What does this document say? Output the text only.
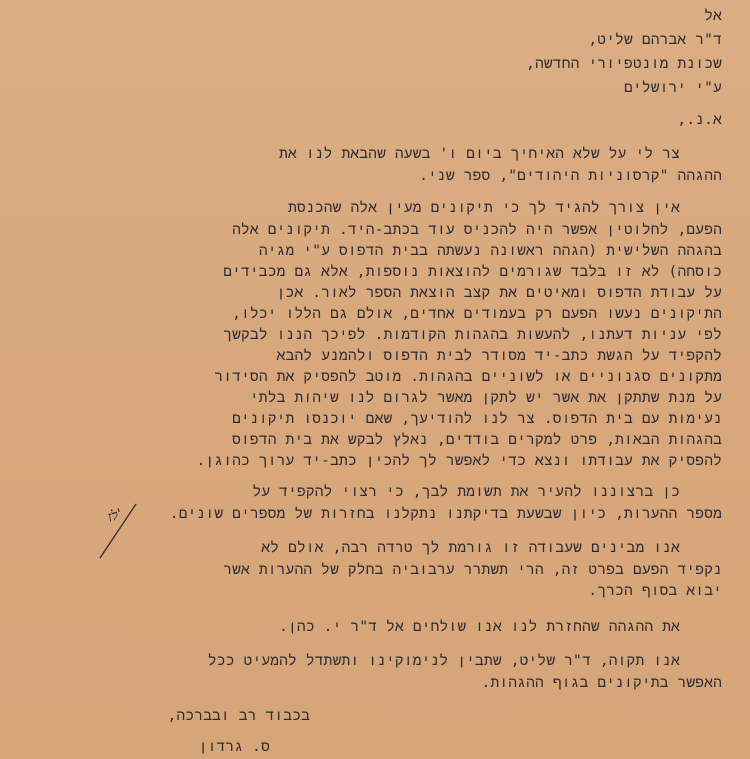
אל
ד"ר אברהם שליט,
שכונת מונטפיורי החדשה,
ע"י ירושלים
א.נ.,
צר לי על שלא האיחיך ביום ו' בשעה שהבאת לנו את
ההגהה "קרסוניות היהודים", ספר שני.
אין צורך להגיד לך כי תיקונים מעין אלה שהכנסת
הפעם, לחלוטין אפשר היה להכניס עוד בכתב-היד. תיקונים אלה
בהגהה השלישית (הגהה ראשונה נעשתה בבית הדפוס ע"י מגיה
כוסחה) לא זו בלבד שגורמים להוצאות נוספות, אלא גם מכבידים
על עבודת הדפוס ומאיטים את קצב הוצאת הספר לאור. אכן
התיקונים נעשו הפעם רק בעמודים אחדים, אולם גם הללו יכלו,
לפי עניות דעתנו, להעשות בהגהות הקודמות. לפיכך הננו לבקשך
להקפיד על הגשת כתב-יד מסודר לבית הדפוס ולהמנע להבא
מתקונים סגנוניים או לשוניים בהגהות. מוטב להפסיק את הסידור
על מנת שתתקן את אשר יש לתקן מאשר לגרום לנו שיהות בלתי
נעימות עם בית הדפוס. צר לנו להודיעך, שאם יוכנסו תיקונים
בהגהות הבאות, פרט למקרים בודדים, נאלץ לבקש את בית הדפוס
להפסיק את עבודתו ונצא כדי לאפשר לך להכין כתב-יד ערוך כהוגן.
כן ברצוננו להעיר את תשומת לבך, כי רצוי להקפיד על
מספר ההערות, כיון שבשעת בדיקתנו נתקלנו בחזרות של מספרים שונים.
לז'
אנו מבינים שעבודה זו גורמת לך טרדה רבה, אולם לא
נקפיד הפעם בפרט זה, הרי תשתרר ערבוביה בחלק של ההערות אשר
יבוא בסוף הכרך.
את ההגהה שהחזרת לנו אנו שולחים אל ד"ר י. כהן.
אנו תקוה, ד"ר שליט, שתבין לנימוקינו ותשתדל להמעיט ככל
האפשר בתיקונים בגוף ההגהות.
בכבוד רב ובברכה,
ס. גרדון
